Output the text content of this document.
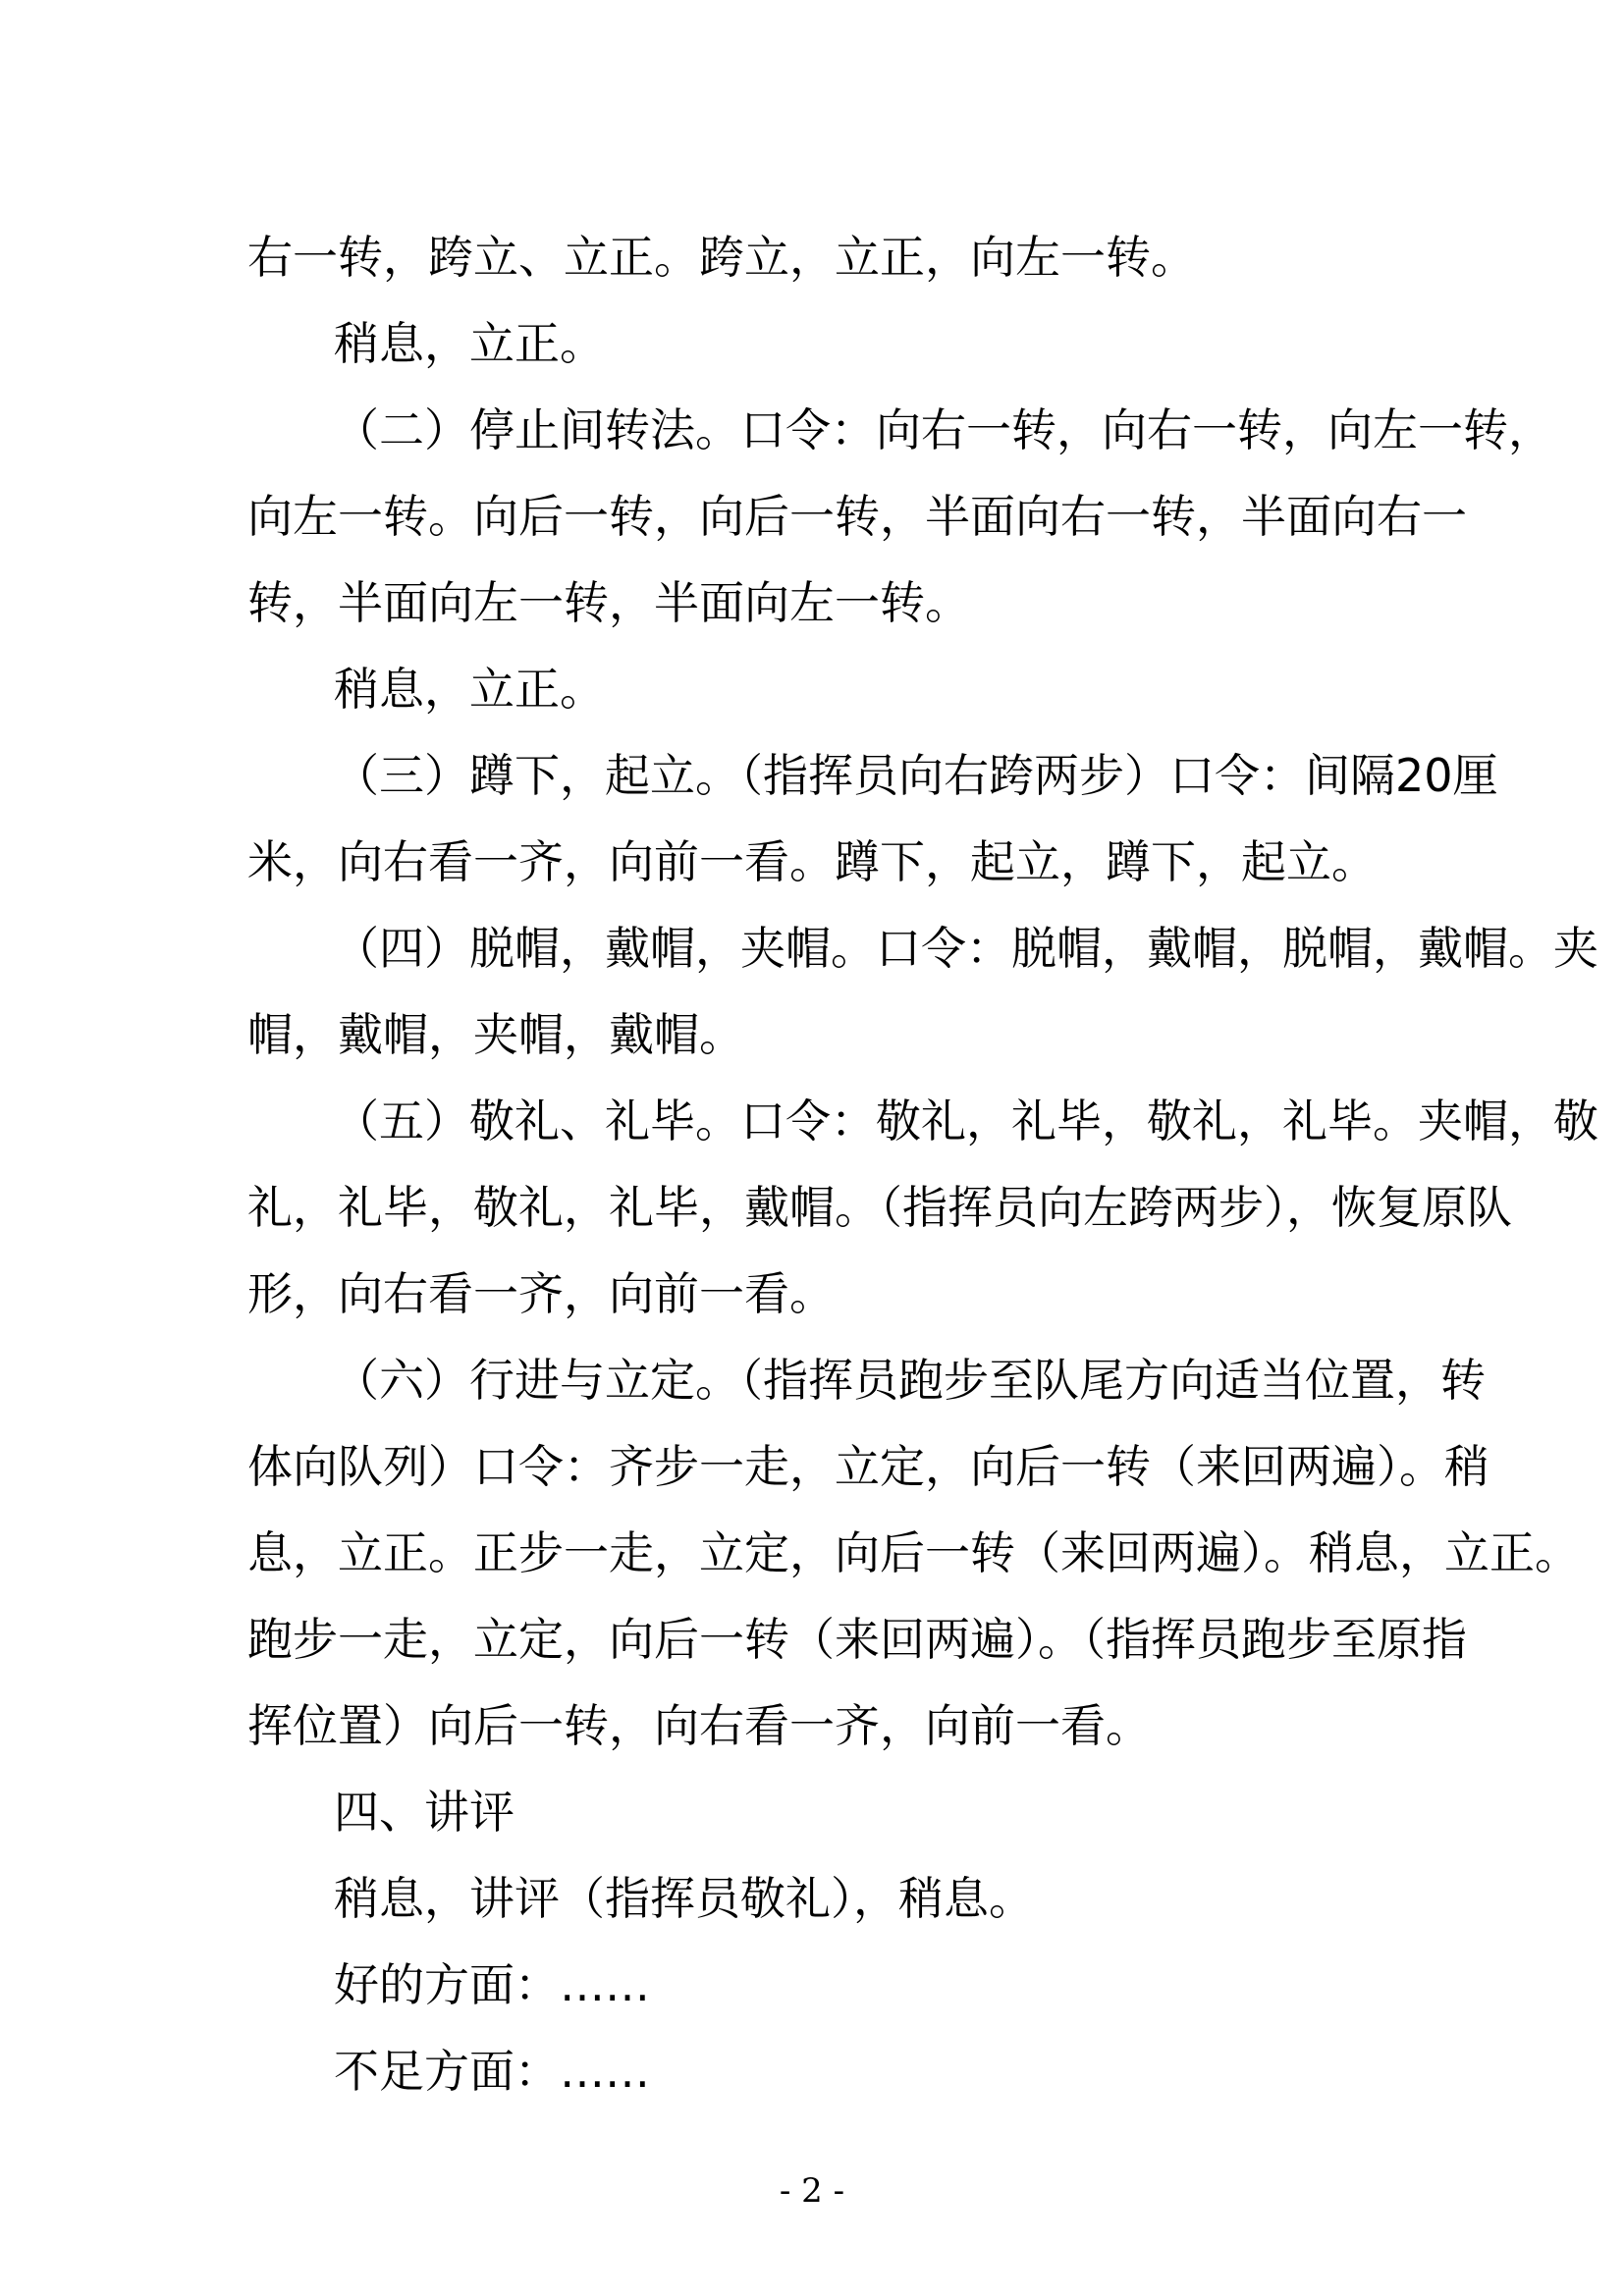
右一转，跨立、立正。跨立，立正，向左一转。
稍息，立正。
（二）停止间转法。口令：向右一转，向右一转，向左一转，
向左一转。向后一转，向后一转，半面向右一转，半面向右一
转，半面向左一转，半面向左一转。
稍息，立正。
（三）蹲下，起立。（指挥员向右跨两步）口令：间隔20厘
米，向右看一齐，向前一看。蹲下，起立，蹲下，起立。
（四）脱帽，戴帽，夹帽。口令：脱帽，戴帽，脱帽，戴帽。夹
帽，戴帽，夹帽，戴帽。
（五）敬礼、礼毕。口令：敬礼，礼毕，敬礼，礼毕。夹帽，敬
礼，礼毕，敬礼，礼毕，戴帽。（指挥员向左跨两步），恢复原队
形，向右看一齐，向前一看。
（六）行进与立定。（指挥员跑步至队尾方向适当位置，转
体向队列）口令：齐步一走，立定，向后一转（来回两遍）。稍
息，立正。正步一走，立定，向后一转（来回两遍）。稍息，立正。
跑步一走，立定，向后一转（来回两遍）。（指挥员跑步至原指
挥位置）向后一转，向右看一齐，向前一看。
四、讲评
稍息，讲评（指挥员敬礼），稍息。
好的方面：……
不足方面：……
- 2 -
